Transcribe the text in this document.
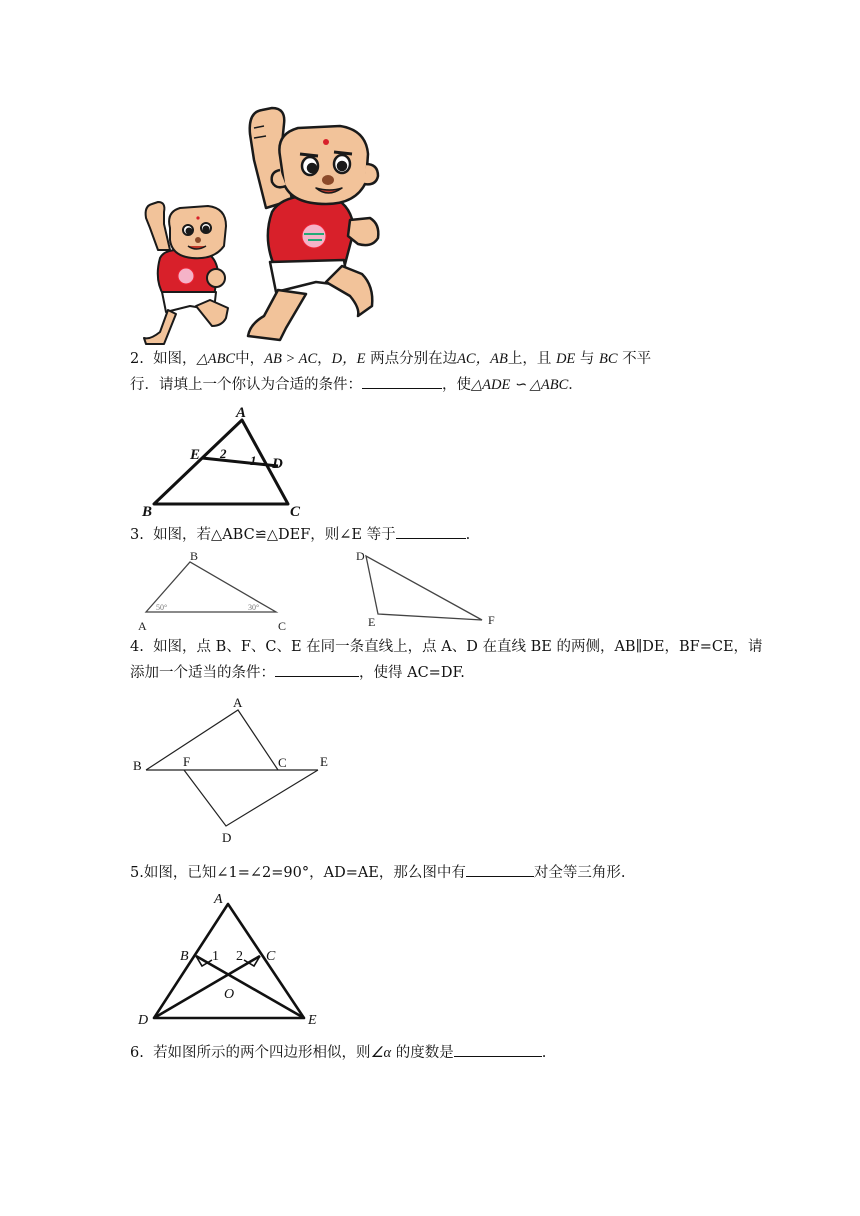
2. 如图，△ABC中，AB > AC，D，E 两点分别在边AC，AB上，且 DE 与 BC 不平
行．请填上一个你认为合适的条件：	，使△ADE ∽ △ABC．
A
E
D
B	C
2 1
3. 如图，若△ABC≌△DEF，则∠E 等于	.
A
B
C
50°	30°
D
E	F
4. 如图，点 B、F、C、E 在同一条直线上，点 A、D 在直线 BE 的两侧，AB∥DE，BF=CE，请
添加一个适当的条件：	，使得 AC=DF.
A
B	F	C	E
D
5.如图，已知∠1=∠2=90°，AD=AE，那么图中有	对全等三角形.
A
B	C
O
D	E
1 2
6. 若如图所示的两个四边形相似，则∠α 的度数是	.
